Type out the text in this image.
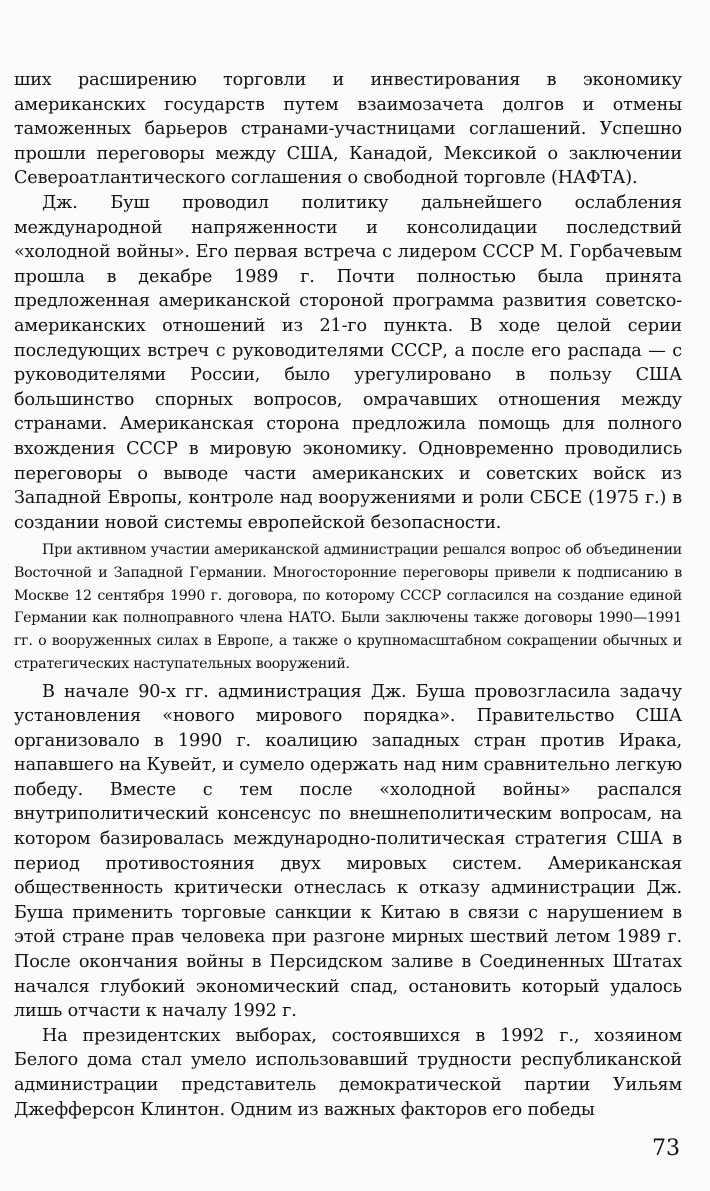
ших расширению торговли и инвестирования в экономику американских государств путем взаимозачета долгов и отмены таможенных барьеров странами-участницами соглашений. Успешно прошли переговоры между США, Канадой, Мексикой о заключении Североатлантического соглашения о свободной торговле (НАФТА).

Дж. Буш проводил политику дальнейшего ослабления международной напряженности и консолидации последствий «холодной войны». Его первая встреча с лидером СССР М. Горбачевым прошла в декабре 1989 г. Почти полностью была принята предложенная американской стороной программа развития советско-американских отношений из 21-го пункта. В ходе целой серии последующих встреч с руководителями СССР, а после его распада — с руководителями России, было урегулировано в пользу США большинство спорных вопросов, омрачавших отношения между странами. Американская сторона предложила помощь для полного вхождения СССР в мировую экономику. Одновременно проводились переговоры о выводе части американских и советских войск из Западной Европы, контроле над вооружениями и роли СБСЕ (1975 г.) в создании новой системы европейской безопасности.

При активном участии американской администрации решался вопрос об объединении Восточной и Западной Германии. Многосторонние переговоры привели к подписанию в Москве 12 сентября 1990 г. договора, по которому СССР согласился на создание единой Германии как полноправного члена НАТО. Были заключены также договоры 1990—1991 гг. о вооруженных силах в Европе, а также о крупномасштабном сокращении обычных и стратегических наступательных вооружений.

В начале 90-х гг. администрация Дж. Буша провозгласила задачу установления «нового мирового порядка». Правительство США организовало в 1990 г. коалицию западных стран против Ирака, напавшего на Кувейт, и сумело одержать над ним сравнительно легкую победу. Вместе с тем после «холодной войны» распался внутриполитический консенсус по внешнеполитическим вопросам, на котором базировалась международно-политическая стратегия США в период противостояния двух мировых систем. Американская общественность критически отнеслась к отказу администрации Дж. Буша применить торговые санкции к Китаю в связи с нарушением в этой стране прав человека при разгоне мирных шествий летом 1989 г. После окончания войны в Персидском заливе в Соединенных Штатах начался глубокий экономический спад, остановить который удалось лишь отчасти к началу 1992 г.

На президентских выборах, состоявшихся в 1992 г., хозяином Белого дома стал умело использовавший трудности республиканской администрации представитель демократической партии Уильям Джефферсон Клинтон. Одним из важных факторов его победы

73
